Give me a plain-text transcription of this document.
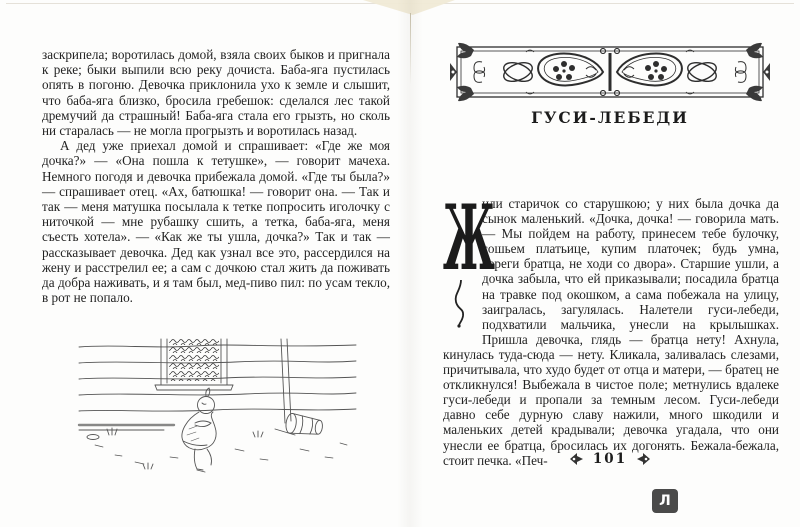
заскрипела; воротилась домой, взяла своих быков и пригнала к реке; быки выпили всю реку дочиста. Баба-яга пустилась опять в погоню. Девочка приклонила ухо к земле и слышит, что баба-яга близко, бросила гребешок: сделался лес такой дремучий да страшный! Баба-яга стала его грызть, но сколь ни старалась — не могла прогрызть и воротилась назад.

А дед уже приехал домой и спрашивает: «Где же моя дочка?» — «Она пошла к тетушке», — говорит мачеха. Немного погодя и девочка прибежала домой. «Где ты была?» — спрашивает отец. «Ах, батюшка! — говорит она. — Так и так — меня матушка посылала к тетке попросить иголочку с ниточкой — мне рубашку сшить, а тетка, баба-яга, меня съесть хотела». — «Как же ты ушла, дочка?» Так и так — рассказывает девочка. Дед как узнал все это, рассердился на жену и расстрелил ее; а сам с дочкою стал жить да поживать да добра наживать, и я там был, мед-пиво пил: по усам текло, в рот не попало.

ГУСИ-ЛЕБЕДИ
Ж

или старичок со старушкою; у них была дочка да сынок маленький. «Дочка, дочка! — говорила мать. — Мы пойдем на работу, принесем тебе булочку, сошьем платьице, купим платочек; будь умна, береги братца, не ходи со двора». Старшие ушли, а дочка забыла, что ей приказывали; посадила братца на травке под окошком, а сама побежала на улицу, заигралась, загулялась. Налетели гуси-лебеди, подхватили мальчика, унесли на крылышках. Пришла девочка, глядь — братца нету! Ахнула, кинулась туда-сюда — нету. Кликала, заливалась слезами, причитывала, что худо будет от отца и матери, — братец не откликнулся! Выбежала в чистое поле; метнулись вдалеке гуси-лебеди и пропали за темным лесом. Гуси-лебеди давно себе дурную славу нажили, много шкодили и маленьких детей крадывали; девочка угадала, что они унесли ее братца, бросилась их догонять. Бежала-бежала, стоит печка. «Печ-	101
Л
